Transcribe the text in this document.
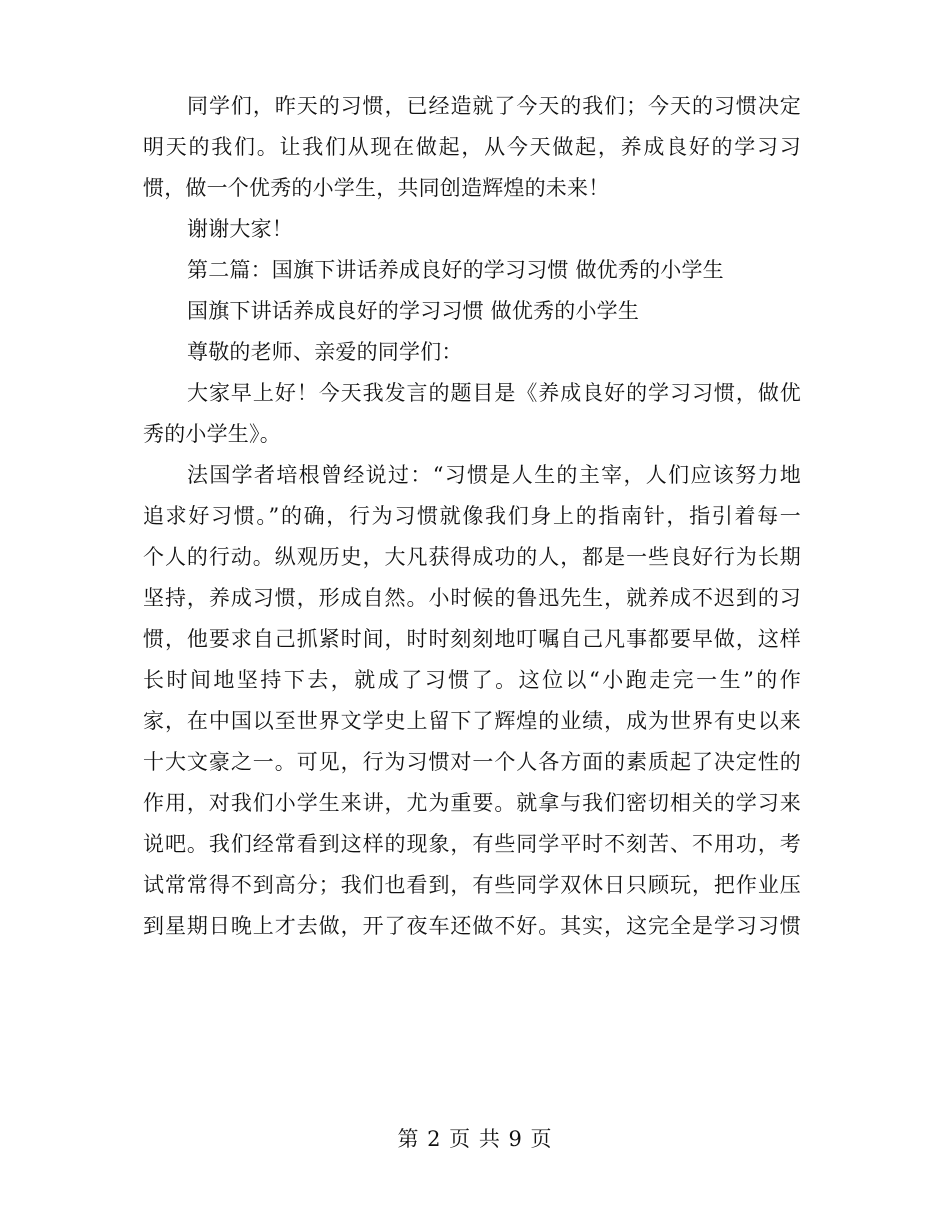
同学们，昨天的习惯，已经造就了今天的我们；今天的习惯决定
明天的我们。让我们从现在做起，从今天做起，养成良好的学习习
惯，做一个优秀的小学生，共同创造辉煌的未来！
谢谢大家！
第二篇：国旗下讲话养成良好的学习习惯 做优秀的小学生
国旗下讲话养成良好的学习习惯 做优秀的小学生
尊敬的老师、亲爱的同学们：
大家早上好！今天我发言的题目是《养成良好的学习习惯，做优
秀的小学生》。
法国学者培根曾经说过：“习惯是人生的主宰，人们应该努力地
追求好习惯。”的确，行为习惯就像我们身上的指南针，指引着每一
个人的行动。纵观历史，大凡获得成功的人，都是一些良好行为长期
坚持，养成习惯，形成自然。小时候的鲁迅先生，就养成不迟到的习
惯，他要求自己抓紧时间，时时刻刻地叮嘱自己凡事都要早做，这样
长时间地坚持下去，就成了习惯了。这位以“小跑走完一生”的作
家，在中国以至世界文学史上留下了辉煌的业绩，成为世界有史以来
十大文豪之一。可见，行为习惯对一个人各方面的素质起了决定性的
作用，对我们小学生来讲，尤为重要。就拿与我们密切相关的学习来
说吧。我们经常看到这样的现象，有些同学平时不刻苦、不用功，考
试常常得不到高分；我们也看到，有些同学双休日只顾玩，把作业压
到星期日晚上才去做，开了夜车还做不好。其实，这完全是学习习惯
第 2 页 共 9 页
